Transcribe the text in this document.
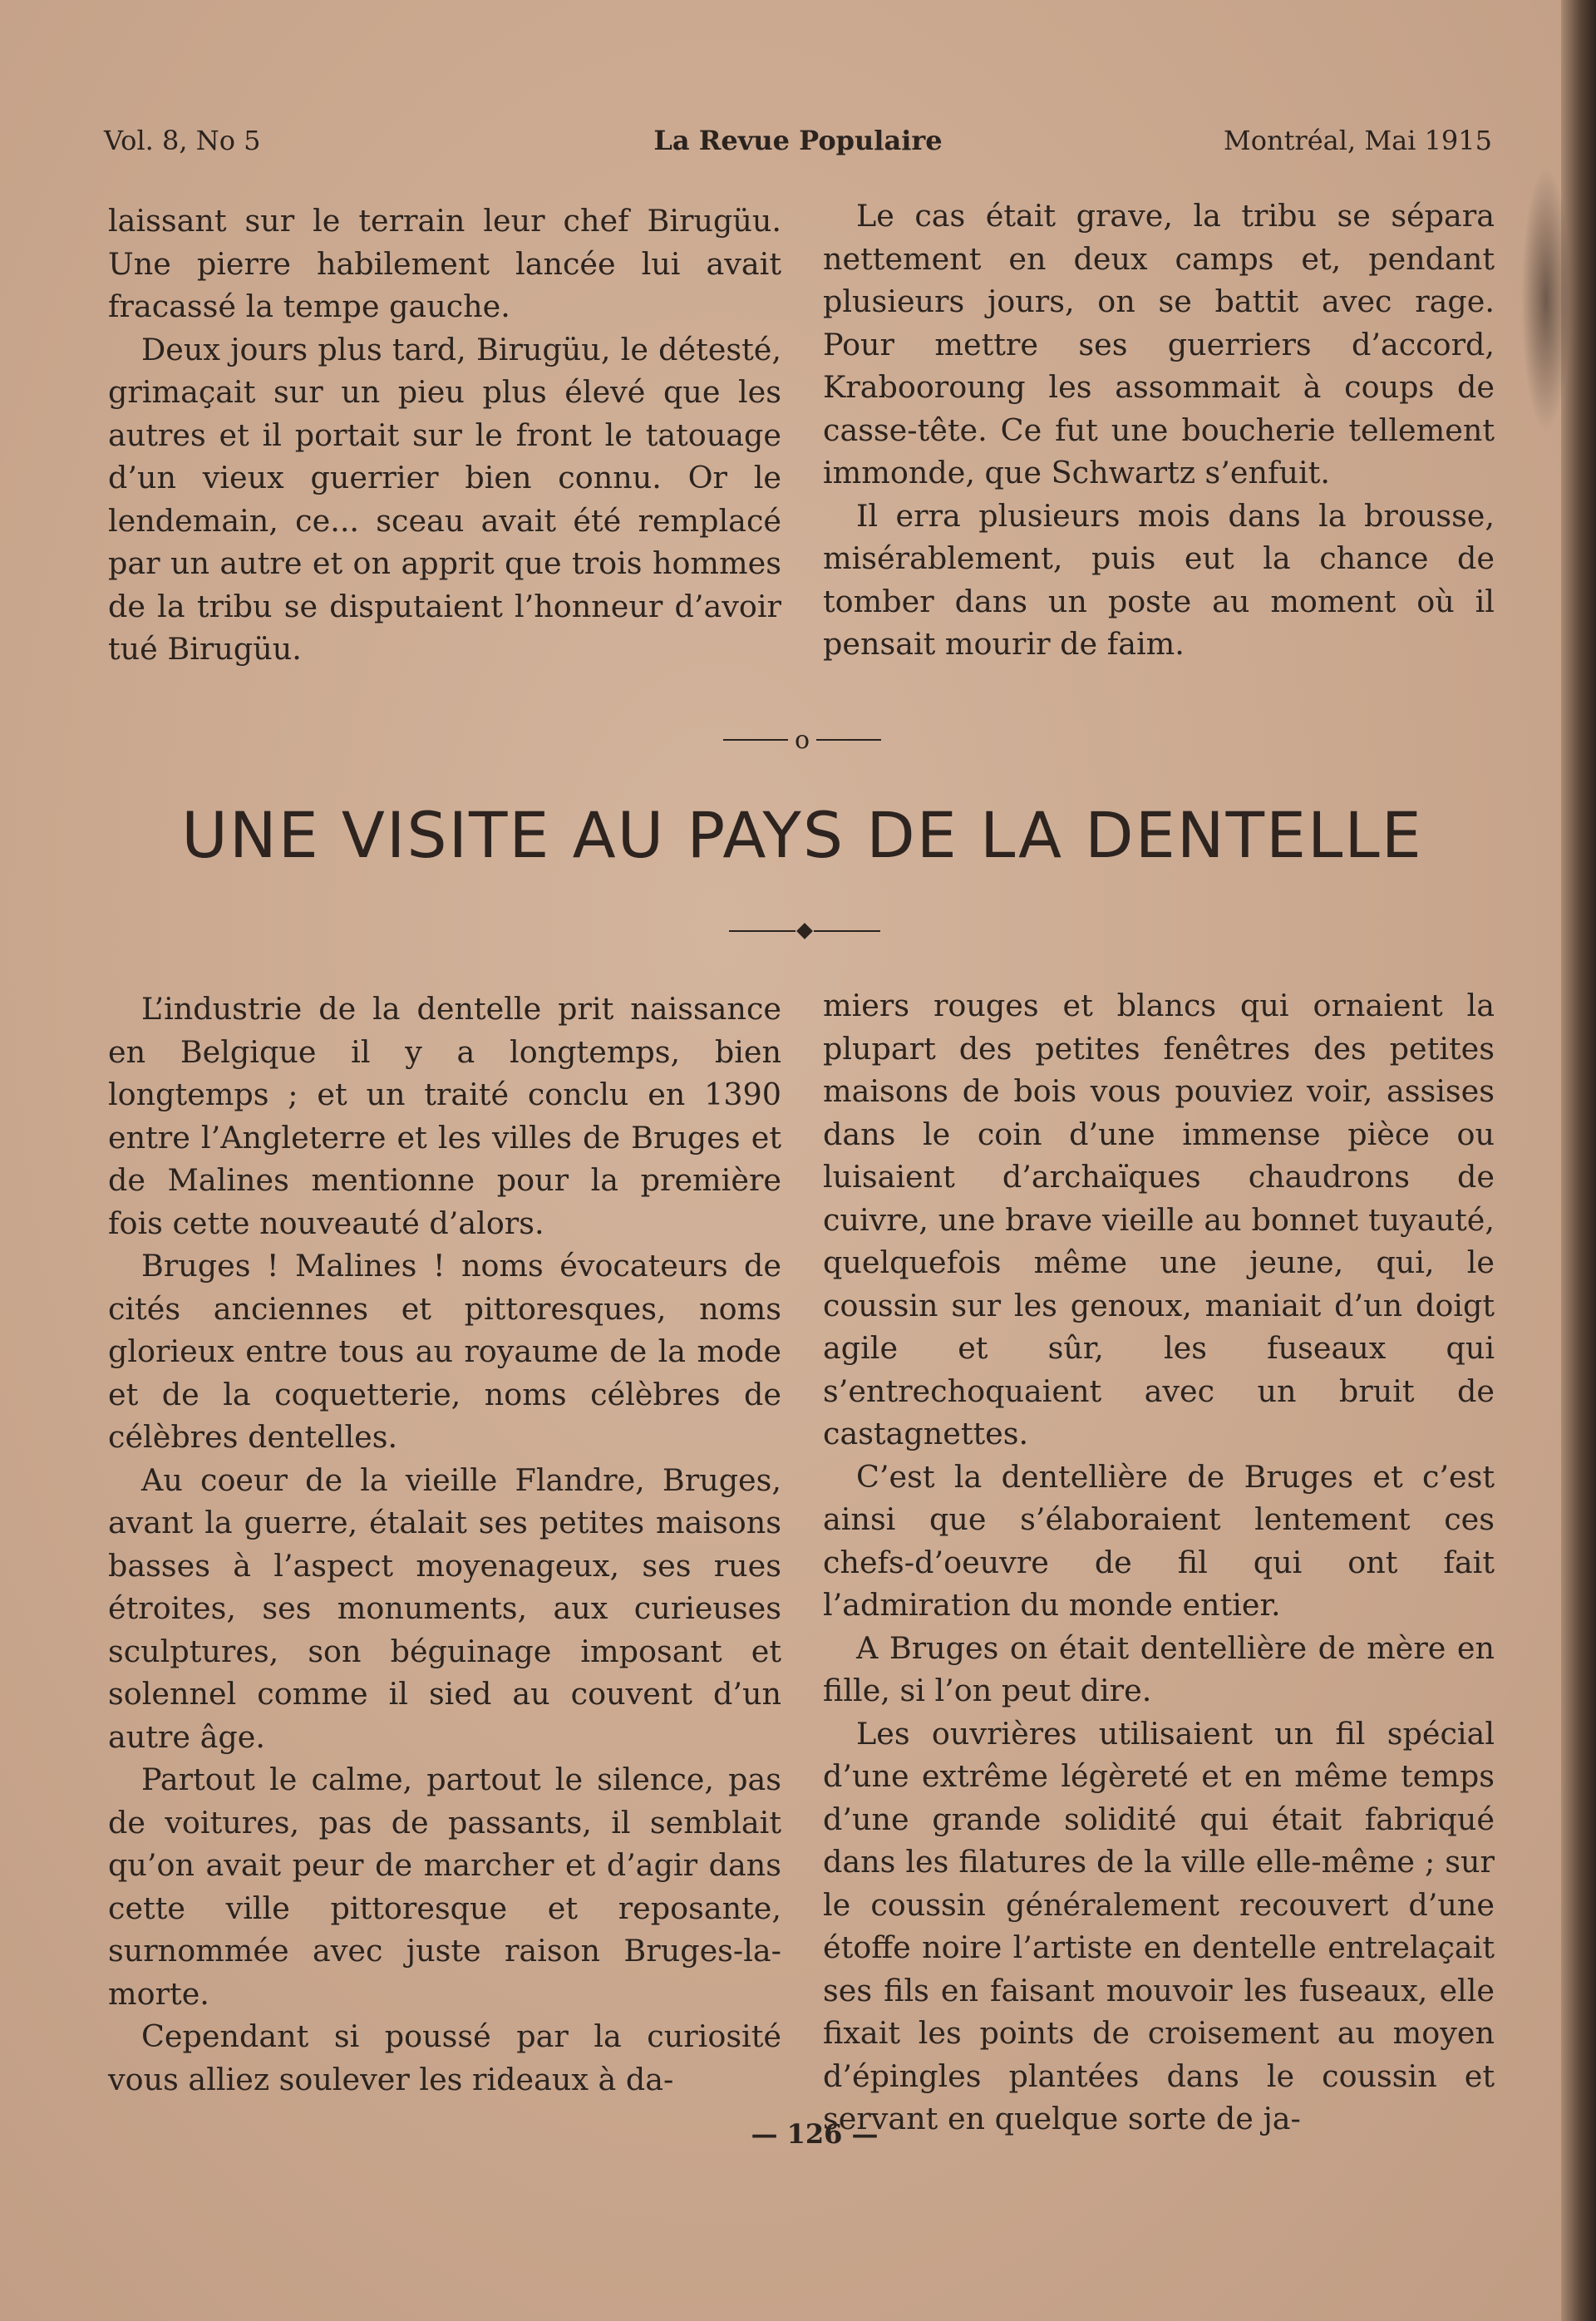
Vol. 8, No 5	La Revue Populaire	Montréal, Mai 1915

laissant sur le terrain leur chef Birugüu. Une pierre habilement lancée lui avait fracassé la tempe gauche.

Deux jours plus tard, Birugüu, le détesté, grimaçait sur un pieu plus élevé que les autres et il portait sur le front le tatouage d’un vieux guerrier bien connu. Or le lendemain, ce... sceau avait été remplacé par un autre et on apprit que trois hommes de la tribu se disputaient l’honneur d’avoir tué Birugüu.

Le cas était grave, la tribu se sépara nettement en deux camps et, pendant plusieurs jours, on se battit avec rage. Pour mettre ses guerriers d’accord, Krabooroung les assommait à coups de casse-tête. Ce fut une boucherie tellement immonde, que Schwartz s’enfuit.

Il erra plusieurs mois dans la brousse, misérablement, puis eut la chance de tomber dans un poste au moment où il pensait mourir de faim.

o
UNE VISITE AU PAYS DE LA DENTELLE

L’industrie de la dentelle prit naissance en Belgique il y a longtemps, bien longtemps ; et un traité conclu en 1390 entre l’Angleterre et les villes de Bruges et de Malines mentionne pour la première fois cette nouveauté d’alors.

Bruges ! Malines ! noms évocateurs de cités anciennes et pittoresques, noms glorieux entre tous au royaume de la mode et de la coquetterie, noms célèbres de célèbres dentelles.

Au coeur de la vieille Flandre, Bruges, avant la guerre, étalait ses petites maisons basses à l’aspect moyenageux, ses rues étroites, ses monuments, aux curieuses sculptures, son béguinage imposant et solennel comme il sied au couvent d’un autre âge.

Partout le calme, partout le silence, pas de voitures, pas de passants, il semblait qu’on avait peur de marcher et d’agir dans cette ville pittoresque et reposante, surnommée avec juste raison Bruges-la-morte.

Cependant si poussé par la curiosité vous alliez soulever les rideaux à da-

miers rouges et blancs qui ornaient la plupart des petites fenêtres des petites maisons de bois vous pouviez voir, assises dans le coin d’une immense pièce ou luisaient d’archaïques chaudrons de cuivre, une brave vieille au bonnet tuyauté, quelquefois même une jeune, qui, le coussin sur les genoux, maniait d’un doigt agile et sûr, les fuseaux qui s’entrechoquaient avec un bruit de castagnettes.

C’est la dentellière de Bruges et c’est ainsi que s’élaboraient lentement ces chefs-d’oeuvre de fil qui ont fait l’admiration du monde entier.

A Bruges on était dentellière de mère en fille, si l’on peut dire.

Les ouvrières utilisaient un fil spécial d’une extrême légèreté et en même temps d’une grande solidité qui était fabriqué dans les filatures de la ville elle-même ; sur le coussin généralement recouvert d’une étoffe noire l’artiste en dentelle entrelaçait ses fils en faisant mouvoir les fuseaux, elle fixait les points de croisement au moyen d’épingles plantées dans le coussin et servant en quelque sorte de ja-

— 126 —
